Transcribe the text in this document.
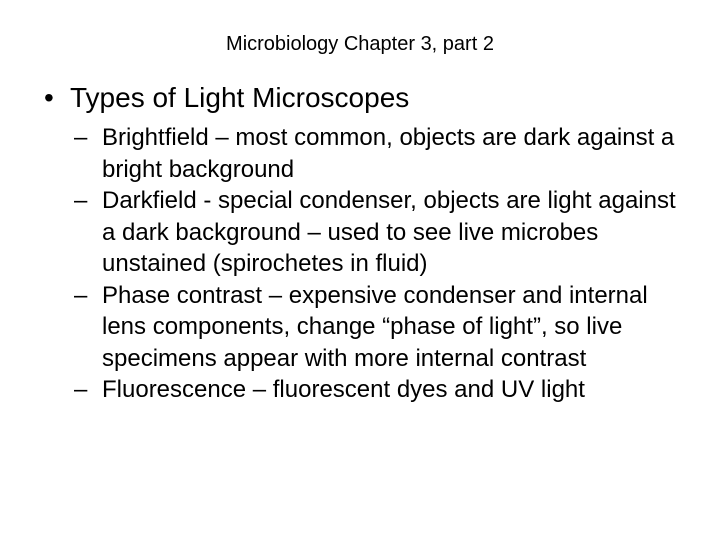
Microbiology Chapter 3, part 2
• Types of Light Microscopes
– Brightfield – most common, objects are dark against a bright background
– Darkfield - special condenser, objects are light against a dark background – used to see live microbes unstained (spirochetes in fluid)
– Phase contrast – expensive condenser and internal lens components, change “phase of light”, so live specimens appear with more internal contrast
– Fluorescence – fluorescent dyes and UV light
